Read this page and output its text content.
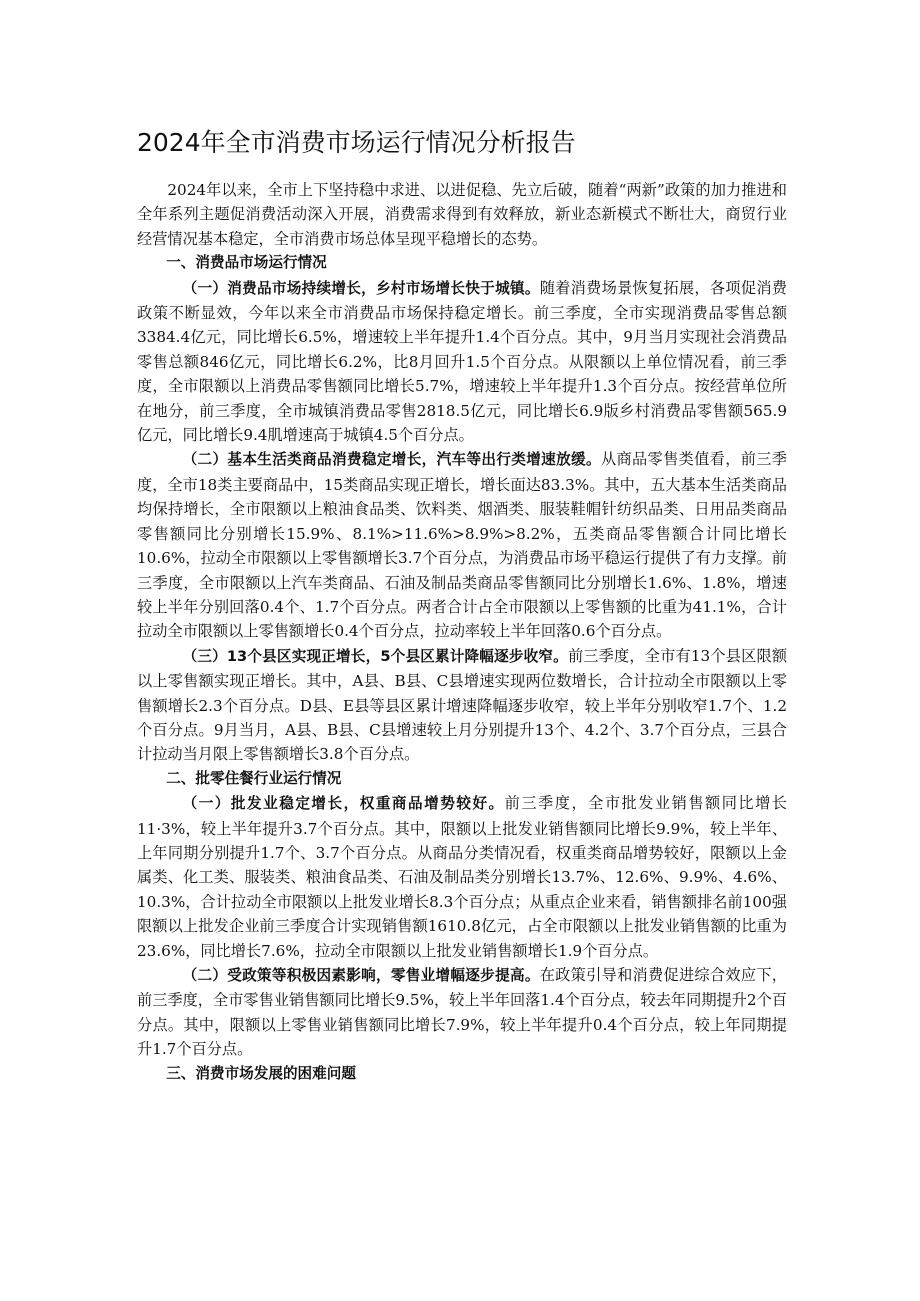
2024年全市消费市场运行情况分析报告

2024年以来，全市上下坚持稳中求进、以进促稳、先立后破，随着“两新”政策的加力推进和全年系列主题促消费活动深入开展，消费需求得到有效释放，新业态新模式不断壮大，商贸行业经营情况基本稳定，全市消费市场总体呈现平稳增长的态势。

一、消费品市场运行情况

（一）消费品市场持续增长，乡村市场增长快于城镇。随着消费场景恢复拓展，各项促消费政策不断显效，今年以来全市消费品市场保持稳定增长。前三季度，全市实现消费品零售总额3384.4亿元，同比增长6.5%，增速较上半年提升1.4个百分点。其中，9月当月实现社会消费品零售总额846亿元，同比增长6.2%，比8月回升1.5个百分点。从限额以上单位情况看，前三季度，全市限额以上消费品零售额同比增长5.7%，增速较上半年提升1.3个百分点。按经营单位所在地分，前三季度，全市城镇消费品零售2818.5亿元，同比增长6.9版乡村消费品零售额565.9亿元，同比增长9.4肌增速高于城镇4.5个百分点。

（二）基本生活类商品消费稳定增长，汽车等出行类增速放缓。从商品零售类值看，前三季度，全市18类主要商品中，15类商品实现正增长，增长面达83.3%。其中，五大基本生活类商品均保持增长，全市限额以上粮油食品类、饮料类、烟酒类、服装鞋帽针纺织品类、日用品类商品零售额同比分别增长15.9%、8.1%>11.6%>8.9%>8.2%，五类商品零售额合计同比增长10.6%，拉动全市限额以上零售额增长3.7个百分点，为消费品市场平稳运行提供了有力支撑。前三季度，全市限额以上汽车类商品、石油及制品类商品零售额同比分别增长1.6%、1.8%，增速较上半年分别回落0.4个、1.7个百分点。两者合计占全市限额以上零售额的比重为41.1%，合计拉动全市限额以上零售额增长0.4个百分点，拉动率较上半年回落0.6个百分点。

（三）13个县区实现正增长，5个县区累计降幅逐步收窄。前三季度，全市有13个县区限额以上零售额实现正增长。其中，A县、B县、C县增速实现两位数增长，合计拉动全市限额以上零售额增长2.3个百分点。D县、E县等县区累计增速降幅逐步收窄，较上半年分别收窄1.7个、1.2个百分点。9月当月，A县、B县、C县增速较上月分别提升13个、4.2个、3.7个百分点，三县合计拉动当月限上零售额增长3.8个百分点。

二、批零住餐行业运行情况

（一）批发业稳定增长，权重商品增势较好。前三季度，全市批发业销售额同比增长11·3%，较上半年提升3.7个百分点。其中，限额以上批发业销售额同比增长9.9%，较上半年、上年同期分别提升1.7个、3.7个百分点。从商品分类情况看，权重类商品增势较好，限额以上金属类、化工类、服装类、粮油食品类、石油及制品类分别增长13.7%、12.6%、9.9%、4.6%、10.3%，合计拉动全市限额以上批发业增长8.3个百分点；从重点企业来看，销售额排名前100强限额以上批发企业前三季度合计实现销售额1610.8亿元，占全市限额以上批发业销售额的比重为23.6%，同比增长7.6%，拉动全市限额以上批发业销售额增长1.9个百分点。

（二）受政策等积极因素影响，零售业增幅逐步提高。在政策引导和消费促进综合效应下，前三季度，全市零售业销售额同比增长9.5%，较上半年回落1.4个百分点，较去年同期提升2个百分点。其中，限额以上零售业销售额同比增长7.9%，较上半年提升0.4个百分点，较上年同期提升1.7个百分点。

三、消费市场发展的困难问题
